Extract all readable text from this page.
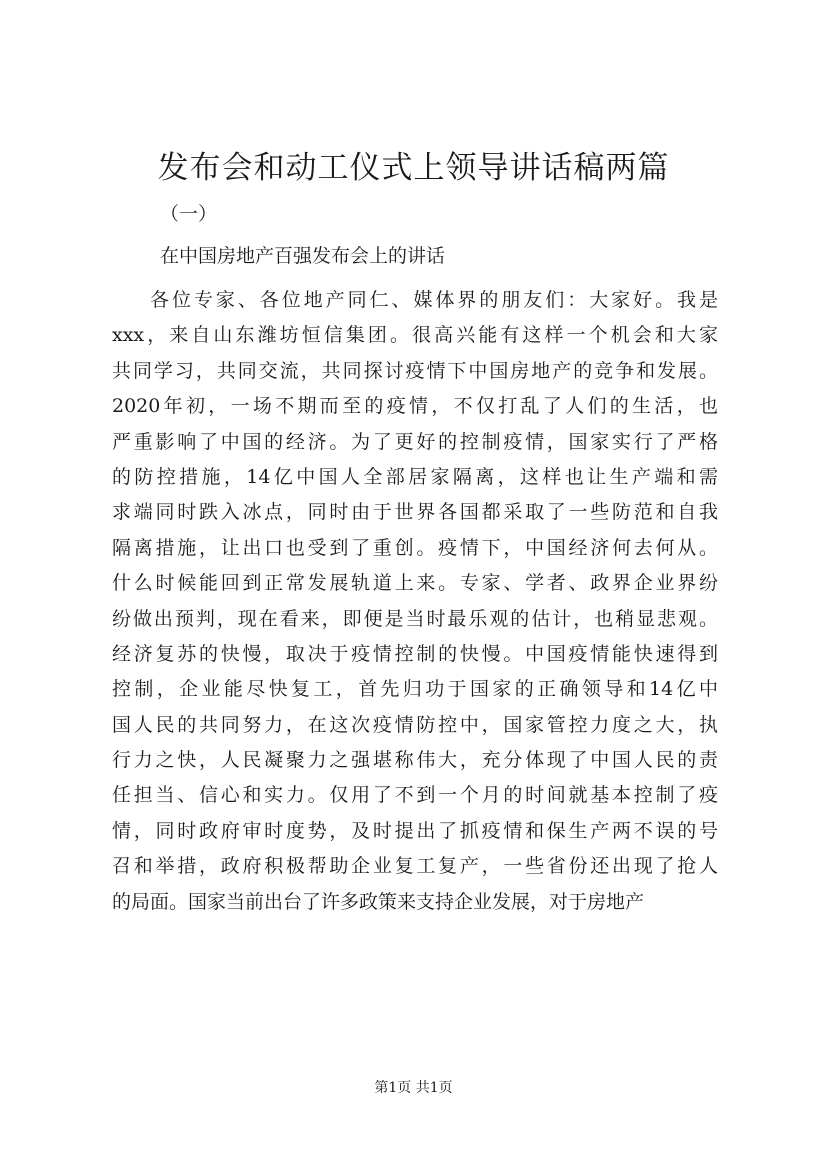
发布会和动工仪式上领导讲话稿两篇

（一）

在中国房地产百强发布会上的讲话

各位专家、各位地产同仁、媒体界的朋友们：大家好。我是
xxx，来自山东潍坊恒信集团。很高兴能有这样一个机会和大家
共同学习，共同交流，共同探讨疫情下中国房地产的竞争和发展。
2020年初，一场不期而至的疫情，不仅打乱了人们的生活，也
严重影响了中国的经济。为了更好的控制疫情，国家实行了严格
的防控措施，14亿中国人全部居家隔离，这样也让生产端和需
求端同时跌入冰点，同时由于世界各国都采取了一些防范和自我
隔离措施，让出口也受到了重创。疫情下，中国经济何去何从。
什么时候能回到正常发展轨道上来。专家、学者、政界企业界纷
纷做出预判，现在看来，即便是当时最乐观的估计，也稍显悲观。
经济复苏的快慢，取决于疫情控制的快慢。中国疫情能快速得到
控制，企业能尽快复工，首先归功于国家的正确领导和14亿中
国人民的共同努力，在这次疫情防控中，国家管控力度之大，执
行力之快，人民凝聚力之强堪称伟大，充分体现了中国人民的责
任担当、信心和实力。仅用了不到一个月的时间就基本控制了疫
情，同时政府审时度势，及时提出了抓疫情和保生产两不误的号
召和举措，政府积极帮助企业复工复产，一些省份还出现了抢人
的局面。国家当前出台了许多政策来支持企业发展，对于房地产

第1页 共1页
